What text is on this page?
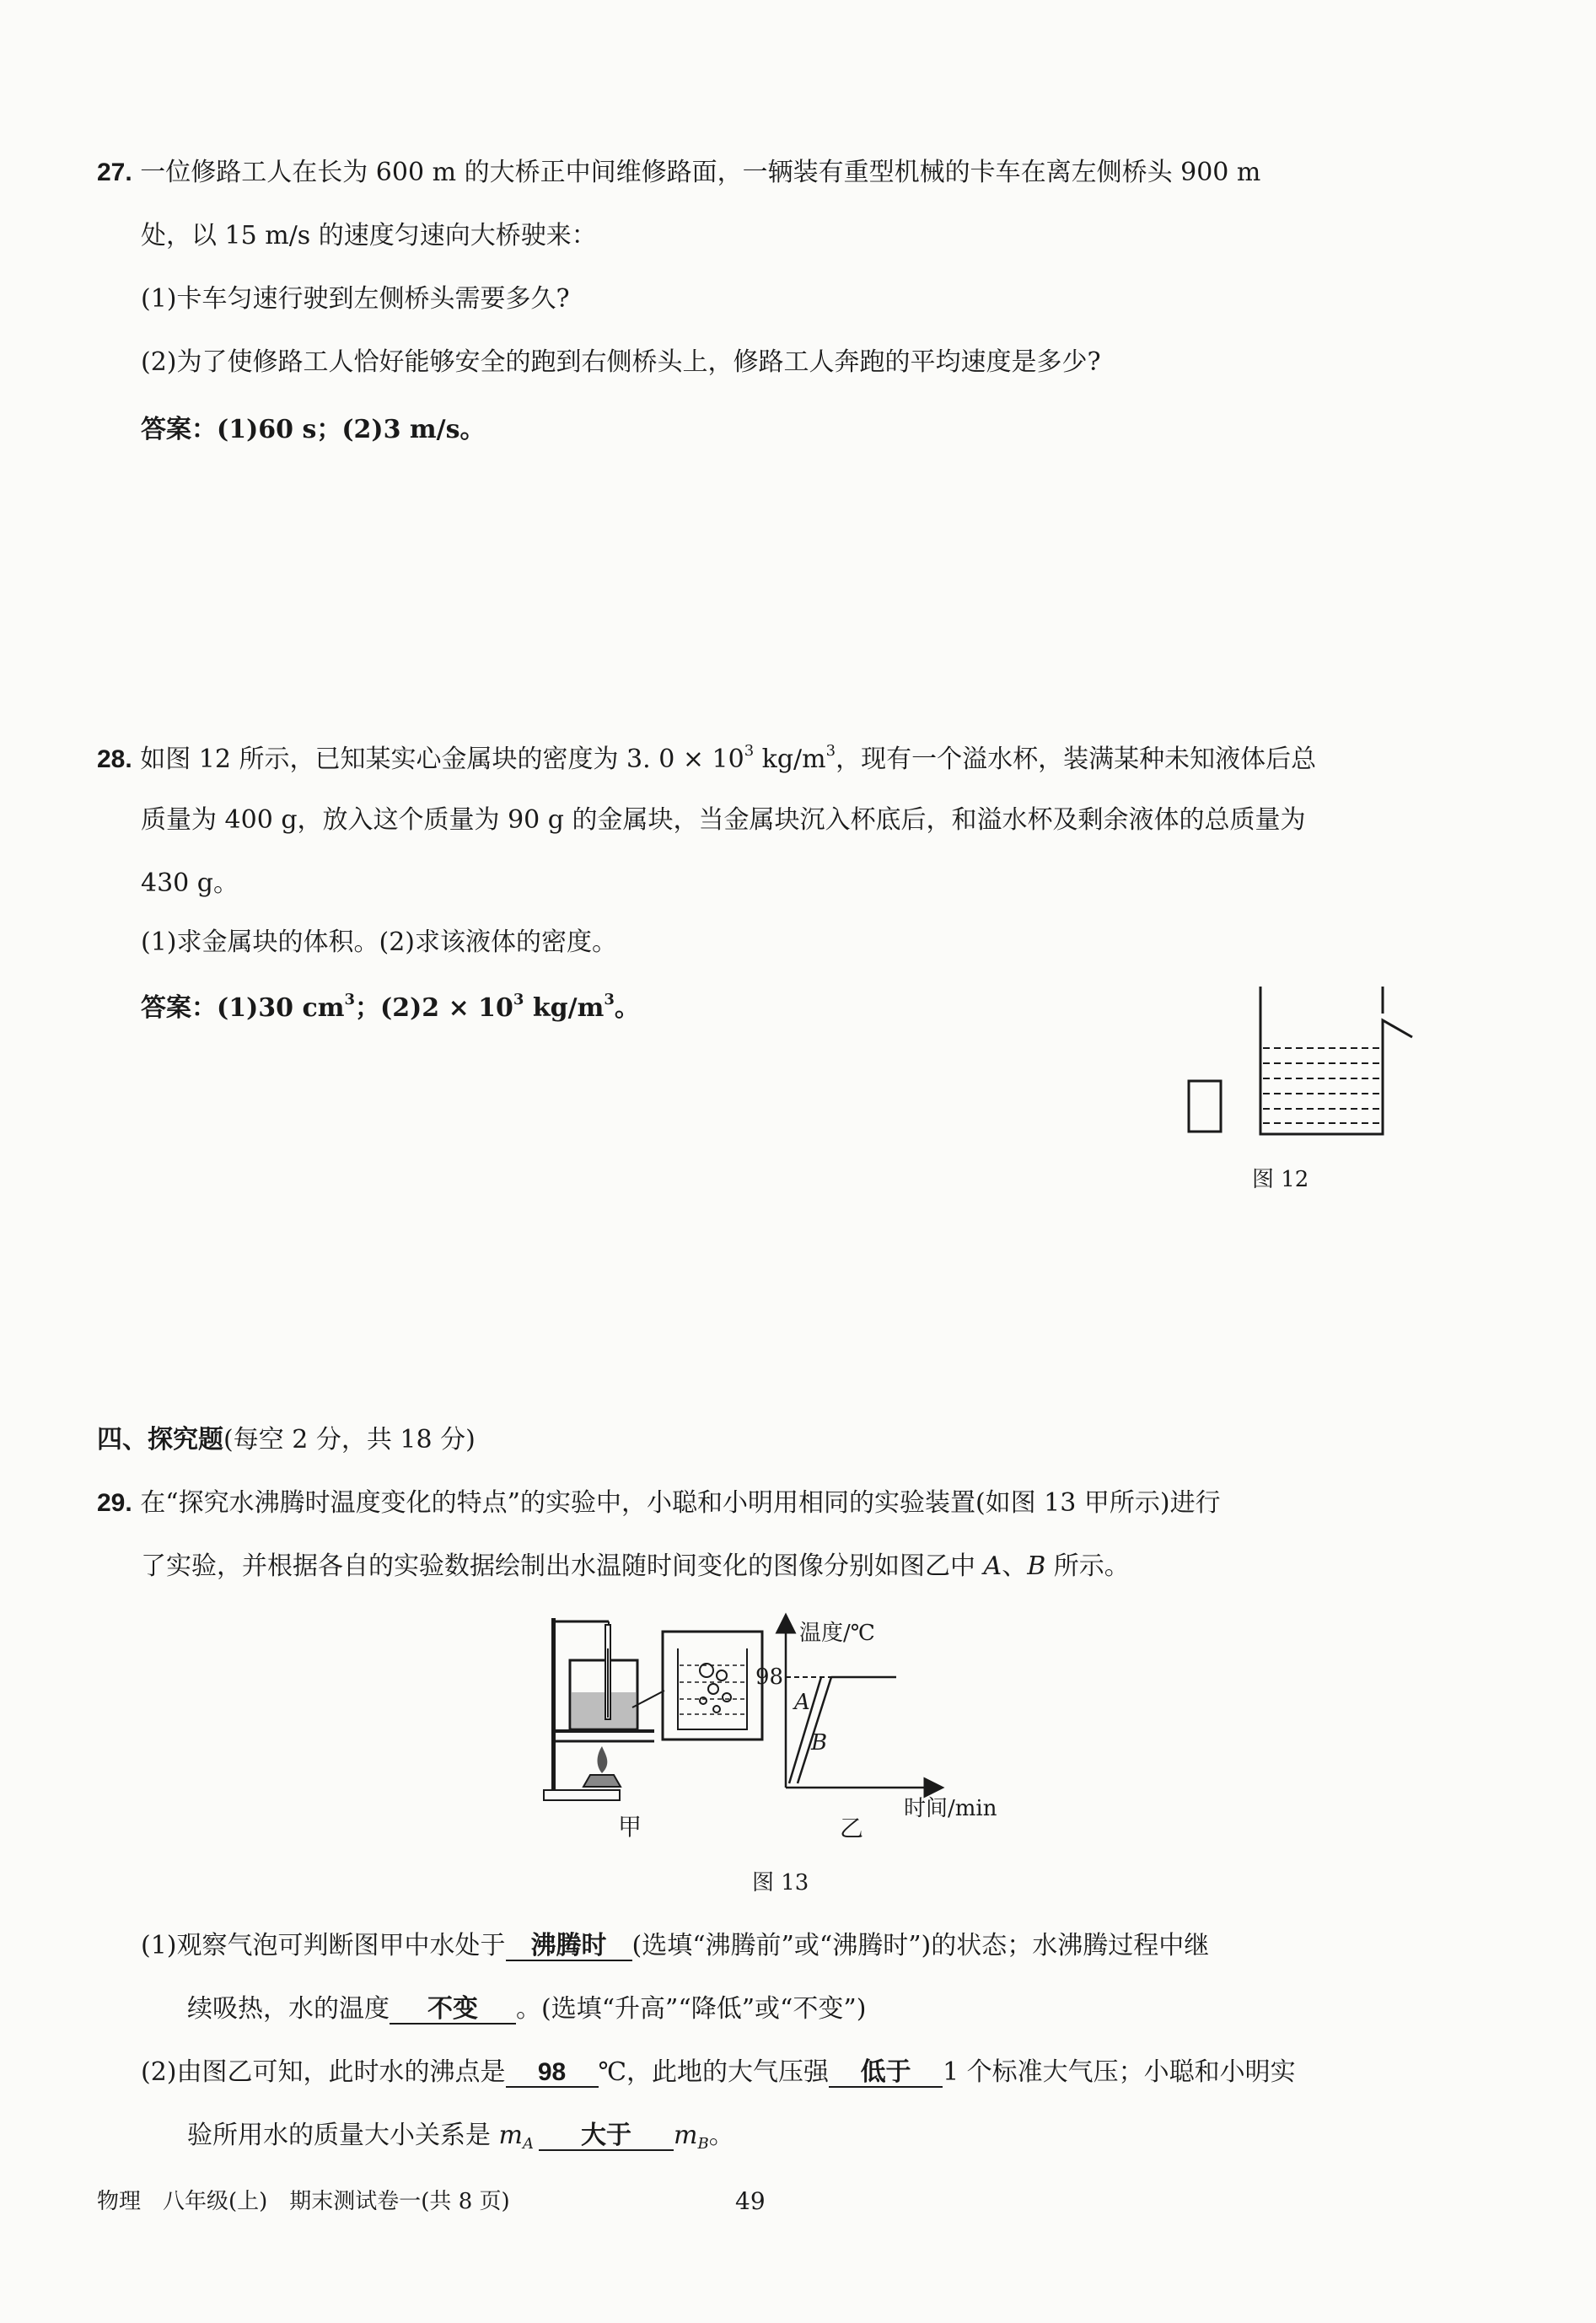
27. 一位修路工人在长为 600 m 的大桥正中间维修路面，一辆装有重型机械的卡车在离左侧桥头 900 m
处，以 15 m/s 的速度匀速向大桥驶来：
(1)卡车匀速行驶到左侧桥头需要多久?
(2)为了使修路工人恰好能够安全的跑到右侧桥头上，修路工人奔跑的平均速度是多少?
答案：(1)60 s；(2)3 m/s。
28. 如图 12 所示，已知某实心金属块的密度为 3. $0 \times 10^3$ $kg/m^3$，现有一个溢水杯，装满某种未知液体后总
质量为 400 g，放入这个质量为 90 g 的金属块，当金属块沉入杯底后，和溢水杯及剩余液体的总质量为
430 g。
(1)求金属块的体积。(2)求该液体的密度。
答案：(1)30 $cm^3$；$(2)2 \times 10^3$ $kg/m^3$。
图 12
四、探究题(每空 2 分，共 18 分)
29. 在“探究水沸腾时温度变化的特点”的实验中，小聪和小明用相同的实验装置(如图 13 甲所示)进行
了实验，并根据各自的实验数据绘制出水温随时间变化的图像分别如图乙中 A、B 所示。
甲
温度/℃
时间/min
98
A
B
乙
图 13
(1)观察气泡可判断图甲中水处于 沸腾时 (选填“沸腾前”或“沸腾时”)的状态；水沸腾过程中继
续吸热，水的温度 不变 。(选填“升高”“降低”或“不变”)
(2)由图乙可知，此时水的沸点是 98 ℃，此地的大气压强 低于 1 个标准大气压；小聪和小明实
验所用水的质量大小关系是 $m_A$ 大于 $m_B$。
物理　八年级(上)　期末测试卷一(共 8 页)	49
